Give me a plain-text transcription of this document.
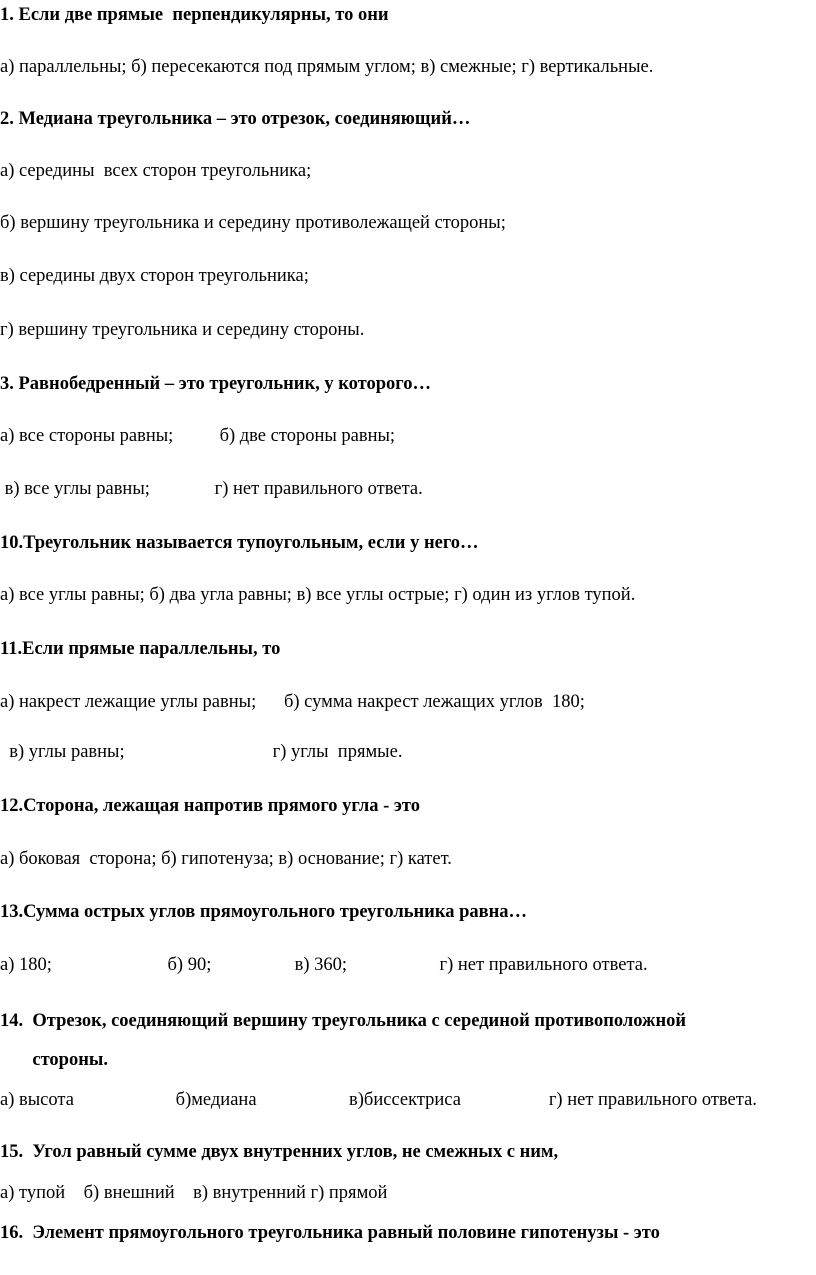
1. Если две прямые  перпендикулярны, то они
а) параллельны; б) пересекаются под прямым углом; в) смежные; г) вертикальные.
2. Медиана треугольника – это отрезок, соединяющий…
а) середины  всех сторон треугольника;
б) вершину треугольника и середину противолежащей стороны;
в) середины двух сторон треугольника;
г) вершину треугольника и середину стороны.
3. Равнобедренный – это треугольник, у которого…
а) все стороны равны;          б) две стороны равны;
в) все углы равны;              г) нет правильного ответа.
10.Треугольник называется тупоугольным, если у него…
а) все углы равны; б) два угла равны; в) все углы острые; г) один из углов тупой.
11.Если прямые параллельны, то
а) накрест лежащие углы равны;      б) сумма накрест лежащих углов  180;
в) углы равны;                                г) углы  прямые.
12.Сторона, лежащая напротив прямого угла - это
а) боковая  сторона; б) гипотенуза; в) основание; г) катет.
13.Сумма острых углов прямоугольного треугольника равна…
а) 180;                         б) 90;                  в) 360;                    г) нет правильного ответа.
14.  Отрезок, соединяющий вершину треугольника с серединой противоположной
стороны.
а) высота                      б)медиана                    в)биссектриса                   г) нет правильного ответа.
15.  Угол равный сумме двух внутренних углов, не смежных с ним,
а) тупой    б) внешний    в) внутренний г) прямой
16.  Элемент прямоугольного треугольника равный половине гипотенузы - это
